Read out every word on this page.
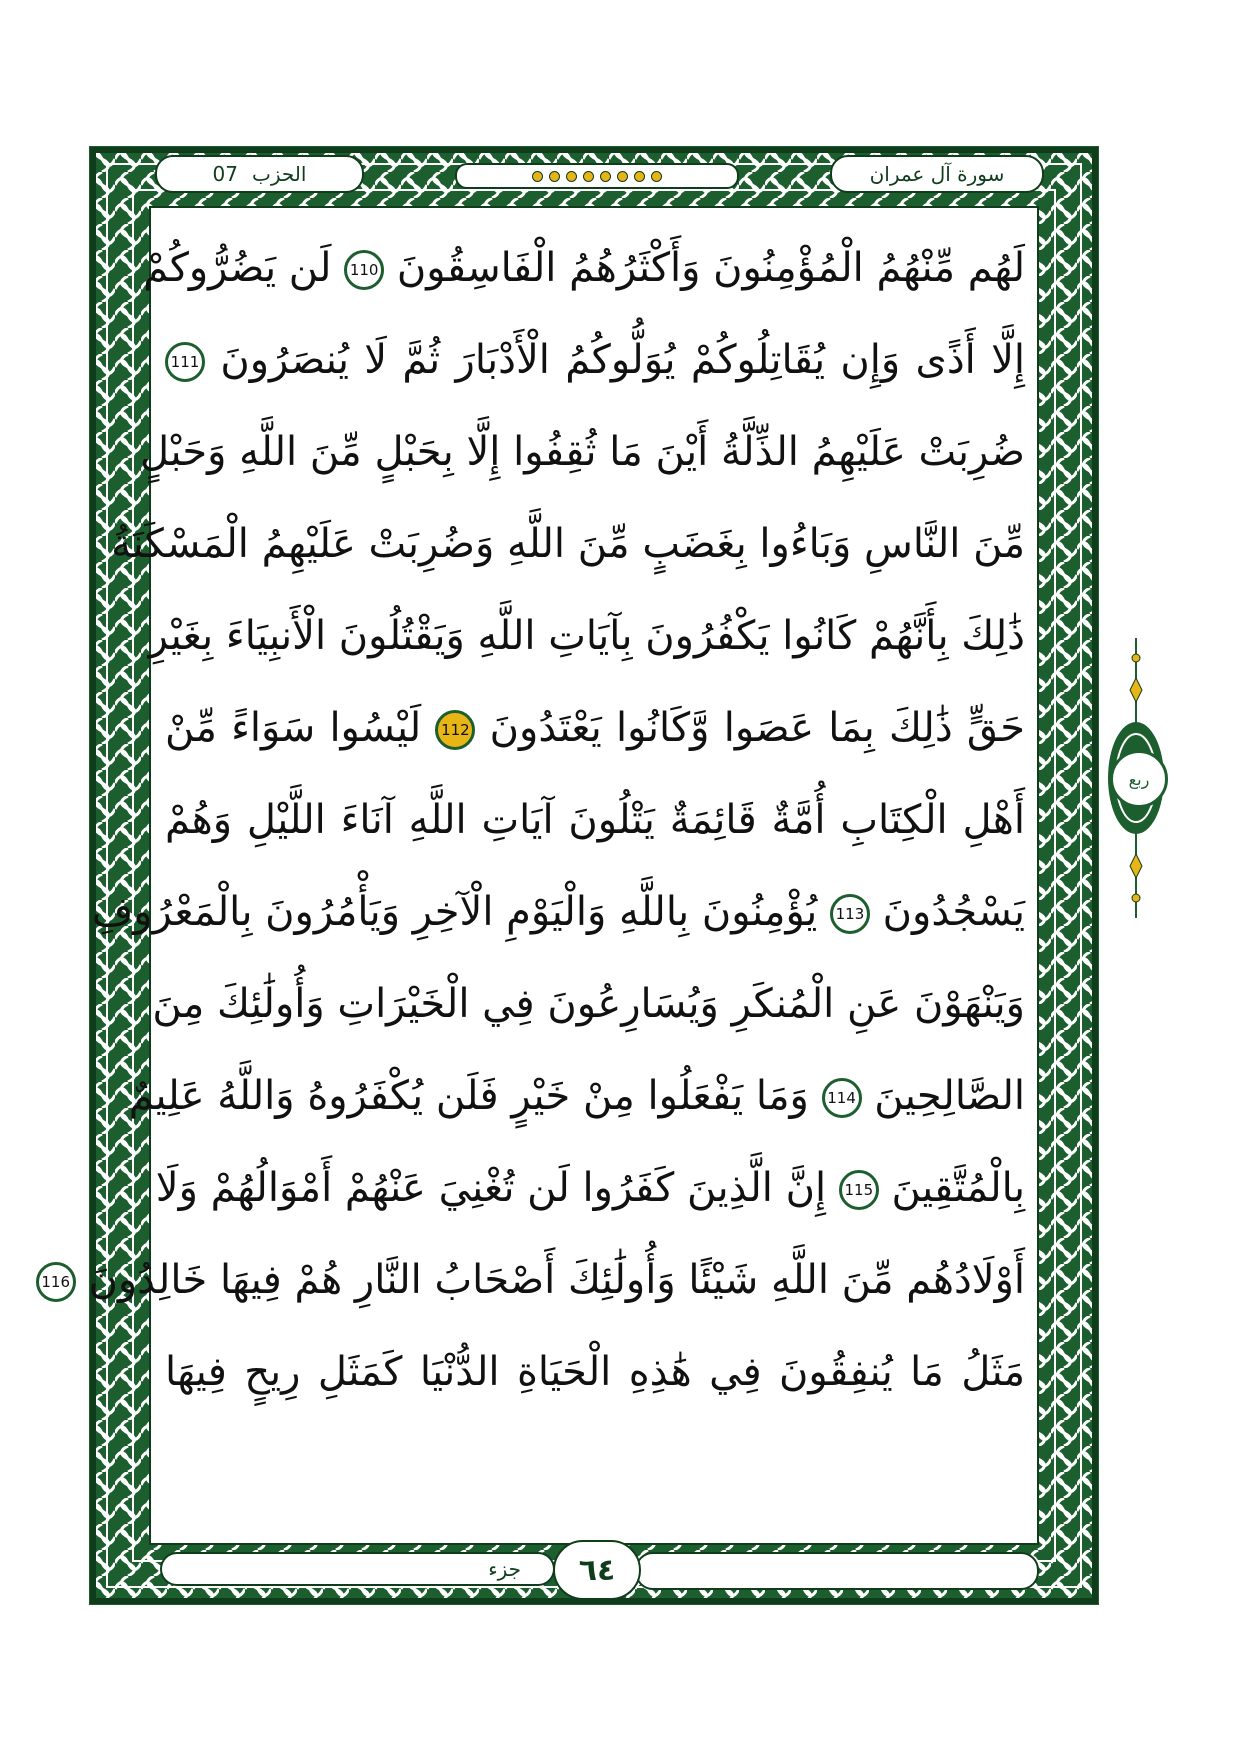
07 الحزب	سورة آل عمران
لَهُم مِّنْهُمُ الْمُؤْمِنُونَ وَأَكْثَرُهُمُ الْفَاسِقُونَ 110 لَن يَضُرُّوكُمْ
إِلَّا أَذًى وَإِن يُقَاتِلُوكُمْ يُوَلُّوكُمُ الْأَدْبَارَ ثُمَّ لَا يُنصَرُونَ 111
ضُرِبَتْ عَلَيْهِمُ الذِّلَّةُ أَيْنَ مَا ثُقِفُوا إِلَّا بِحَبْلٍ مِّنَ اللَّهِ وَحَبْلٍ
مِّنَ النَّاسِ وَبَاءُوا بِغَضَبٍ مِّنَ اللَّهِ وَضُرِبَتْ عَلَيْهِمُ الْمَسْكَنَةُ
ذَٰلِكَ بِأَنَّهُمْ كَانُوا يَكْفُرُونَ بِآيَاتِ اللَّهِ وَيَقْتُلُونَ الْأَنبِيَاءَ بِغَيْرِ
حَقٍّ ذَٰلِكَ بِمَا عَصَوا وَّكَانُوا يَعْتَدُونَ 112 لَيْسُوا سَوَاءً مِّنْ
أَهْلِ الْكِتَابِ أُمَّةٌ قَائِمَةٌ يَتْلُونَ آيَاتِ اللَّهِ آنَاءَ اللَّيْلِ وَهُمْ
يَسْجُدُونَ 113 يُؤْمِنُونَ بِاللَّهِ وَالْيَوْمِ الْآخِرِ وَيَأْمُرُونَ بِالْمَعْرُوفِ
وَيَنْهَوْنَ عَنِ الْمُنكَرِ وَيُسَارِعُونَ فِي الْخَيْرَاتِ وَأُولَٰئِكَ مِنَ
الصَّالِحِينَ 114 وَمَا يَفْعَلُوا مِنْ خَيْرٍ فَلَن يُكْفَرُوهُ وَاللَّهُ عَلِيمٌ
بِالْمُتَّقِينَ 115 إِنَّ الَّذِينَ كَفَرُوا لَن تُغْنِيَ عَنْهُمْ أَمْوَالُهُمْ وَلَا
أَوْلَادُهُم مِّنَ اللَّهِ شَيْئًا وَأُولَٰئِكَ أَصْحَابُ النَّارِ هُمْ فِيهَا خَالِدُونَ 116
مَثَلُ مَا يُنفِقُونَ فِي هَٰذِهِ الْحَيَاةِ الدُّنْيَا كَمَثَلِ رِيحٍ فِيهَا
جزء ٦٤
ربع
